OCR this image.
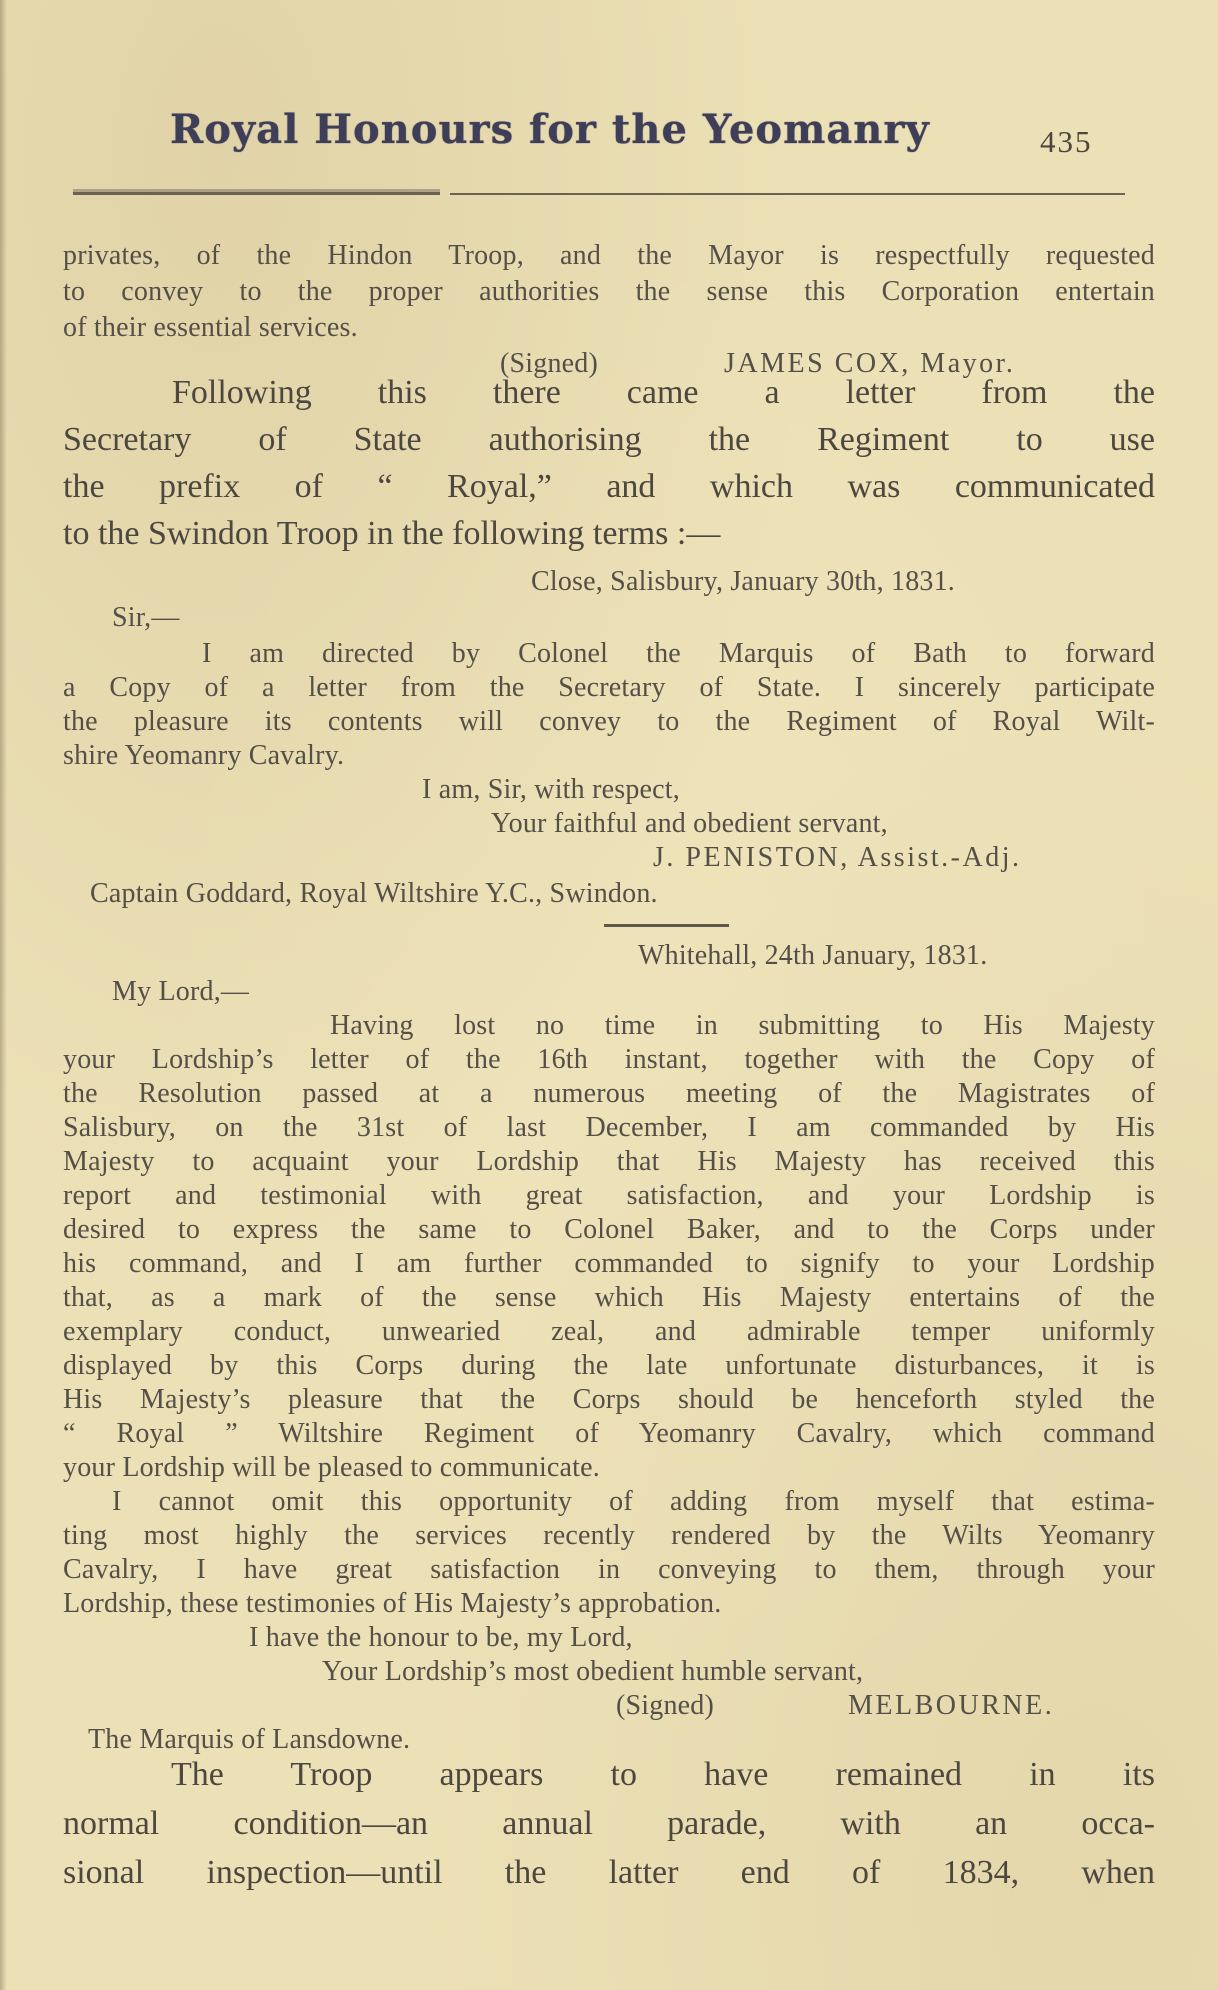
Royal Honours for the Yeomanry	435
privates, of the Hindon Troop, and the Mayor is respectfully requested
to convey to the proper authorities the sense this Corporation entertain
of their essential services.
(Signed)	JAMES COX, Mayor.
Following this there came a letter from the
Secretary of State authorising the Regiment to use
the prefix of “ Royal,” and which was communicated
to the Swindon Troop in the following terms :—
Close, Salisbury, January 30th, 1831.
Sir,—
I am directed by Colonel the Marquis of Bath to forward
a Copy of a letter from the Secretary of State. I sincerely participate
the pleasure its contents will convey to the Regiment of Royal Wilt-
shire Yeomanry Cavalry.
I am, Sir, with respect,
Your faithful and obedient servant,
J. PENISTON, Assist.-Adj.
Captain Goddard, Royal Wiltshire Y.C., Swindon.
Whitehall, 24th January, 1831.
My Lord,—
Having lost no time in submitting to His Majesty
your Lordship’s letter of the 16th instant, together with the Copy of
the Resolution passed at a numerous meeting of the Magistrates of
Salisbury, on the 31st of last December, I am commanded by His
Majesty to acquaint your Lordship that His Majesty has received this
report and testimonial with great satisfaction, and your Lordship is
desired to express the same to Colonel Baker, and to the Corps under
his command, and I am further commanded to signify to your Lordship
that, as a mark of the sense which His Majesty entertains of the
exemplary conduct, unwearied zeal, and admirable temper uniformly
displayed by this Corps during the late unfortunate disturbances, it is
His Majesty’s pleasure that the Corps should be henceforth styled the
“ Royal ” Wiltshire Regiment of Yeomanry Cavalry, which command
your Lordship will be pleased to communicate.
I cannot omit this opportunity of adding from myself that estima-
ting most highly the services recently rendered by the Wilts Yeomanry
Cavalry, I have great satisfaction in conveying to them, through your
Lordship, these testimonies of His Majesty’s approbation.
I have the honour to be, my Lord,
Your Lordship’s most obedient humble servant,
(Signed)	MELBOURNE.
The Marquis of Lansdowne.
The Troop appears to have remained in its
normal condition—an annual parade, with an occa-
sional inspection—until the latter end of 1834, when
